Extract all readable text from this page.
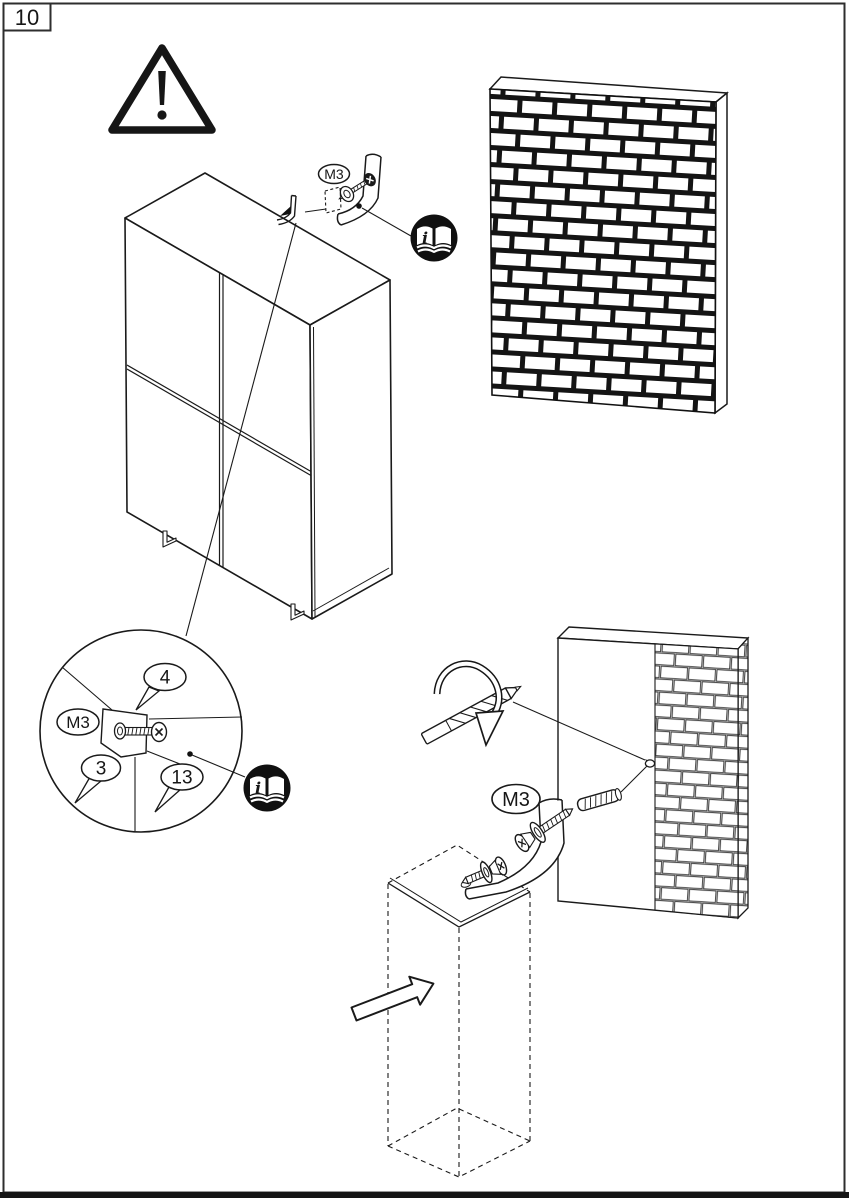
M3
4
M3
3	13
M3
10
